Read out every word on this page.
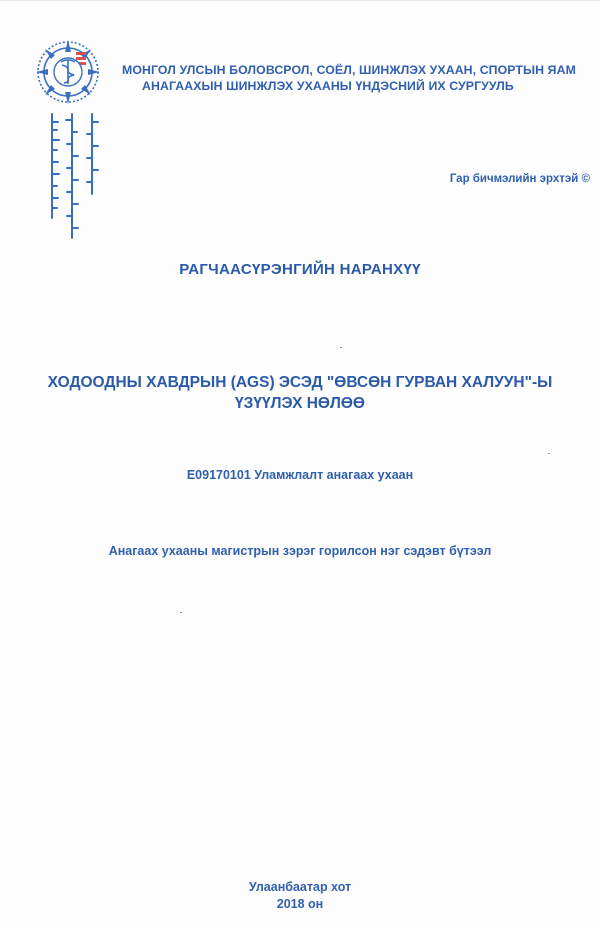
МОНГОЛ УЛСЫН БОЛОВСРОЛ, СОЁЛ, ШИНЖЛЭХ УХААН, СПОРТЫН ЯАМ
АНАГААХЫН ШИНЖЛЭХ УХААНЫ ҮНДЭСНИЙ ИХ СУРГУУЛЬ
Гар бичмэлийн эрхтэй ©
РАГЧААСҮРЭНГИЙН НАРАНХҮҮ
ХОДООДНЫ ХАВДРЫН (AGS) ЭСЭД "ӨВСӨН ГУРВАН ХАЛУУН"-Ы
ҮЗҮҮЛЭХ НӨЛӨӨ
E09170101 Уламжлалт анагаах ухаан
Анагаах ухааны магистрын зэрэг горилсон нэг сэдэвт бүтээл
Улаанбаатар хот
2018 он
